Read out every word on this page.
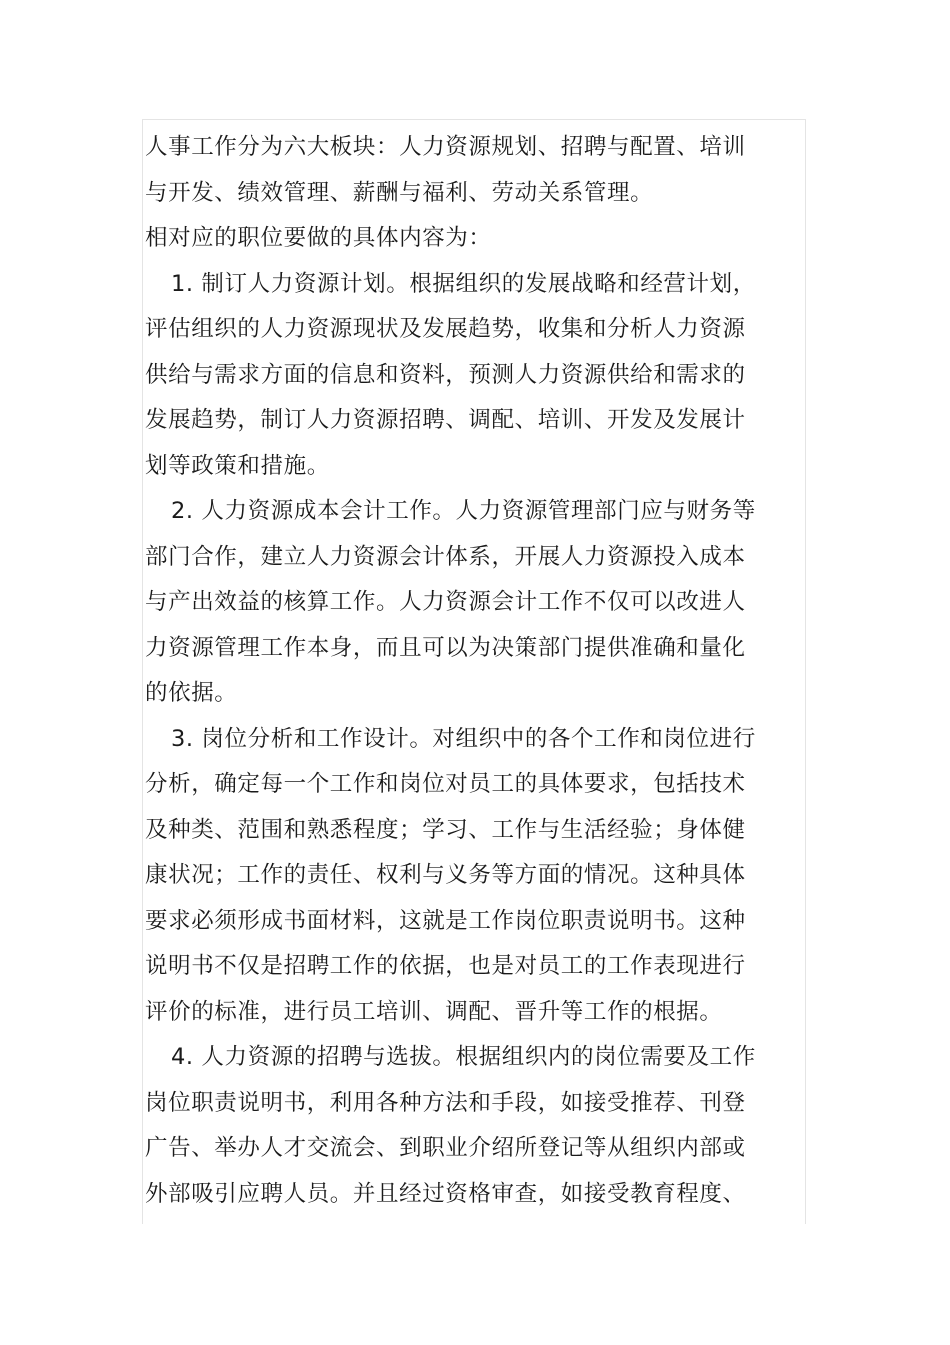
人事工作分为六大板块：人力资源规划、招聘与配置、培训
与开发、绩效管理、薪酬与福利、劳动关系管理。
相对应的职位要做的具体内容为：
1. 制订人力资源计划。根据组织的发展战略和经营计划，
评估组织的人力资源现状及发展趋势，收集和分析人力资源
供给与需求方面的信息和资料，预测人力资源供给和需求的
发展趋势，制订人力资源招聘、调配、培训、开发及发展计
划等政策和措施。
2. 人力资源成本会计工作。人力资源管理部门应与财务等
部门合作，建立人力资源会计体系，开展人力资源投入成本
与产出效益的核算工作。人力资源会计工作不仅可以改进人
力资源管理工作本身，而且可以为决策部门提供准确和量化
的依据。
3. 岗位分析和工作设计。对组织中的各个工作和岗位进行
分析，确定每一个工作和岗位对员工的具体要求，包括技术
及种类、范围和熟悉程度；学习、工作与生活经验；身体健
康状况；工作的责任、权利与义务等方面的情况。这种具体
要求必须形成书面材料，这就是工作岗位职责说明书。这种
说明书不仅是招聘工作的依据，也是对员工的工作表现进行
评价的标准，进行员工培训、调配、晋升等工作的根据。
4. 人力资源的招聘与选拔。根据组织内的岗位需要及工作
岗位职责说明书，利用各种方法和手段，如接受推荐、刊登
广告、举办人才交流会、到职业介绍所登记等从组织内部或
外部吸引应聘人员。并且经过资格审查，如接受教育程度、
